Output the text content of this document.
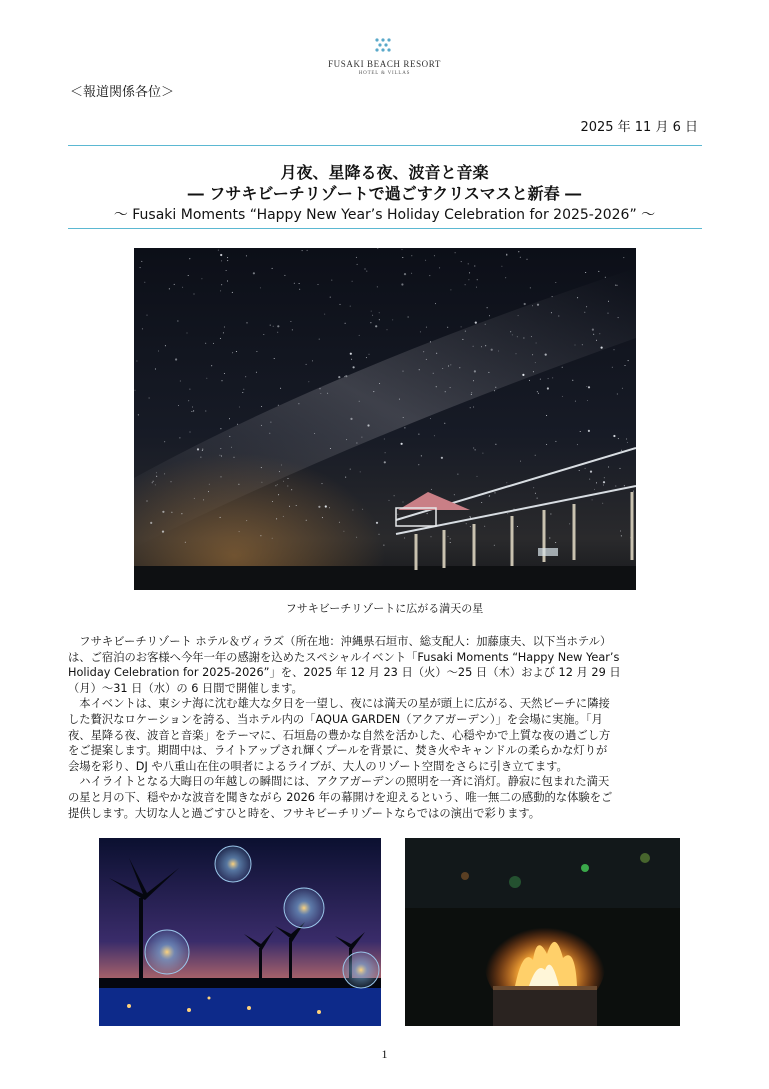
FUSAKI BEACH RESORT
HOTEL & VILLAS
＜報道関係各位＞
2025 年 11 月 6 日
月夜、星降る夜、波音と音楽
― フサキビーチリゾートで過ごすクリスマスと新春 ―
～ Fusaki Moments “Happy New Year’s Holiday Celebration for 2025-2026” ～
フサキビーチリゾートに広がる満天の星

フサキビーチリゾート ホテル＆ヴィラズ（所在地：沖縄県石垣市、総支配人：加藤康夫、以下当ホテル）

は、ご宿泊のお客様へ今年一年の感謝を込めたスペシャルイベント「Fusaki Moments “Happy New Year’s

Holiday Celebration for 2025-2026”」を、2025 年 12 月 23 日（火）～25 日（木）および 12 月 29 日

（月）～31 日（水）の 6 日間で開催します。

本イベントは、東シナ海に沈む雄大な夕日を一望し、夜には満天の星が頭上に広がる、天然ビーチに隣接

した贅沢なロケーションを誇る、当ホテル内の「AQUA GARDEN（アクアガーデン）」を会場に実施。「月

夜、星降る夜、波音と音楽」をテーマに、石垣島の豊かな自然を活かした、心穏やかで上質な夜の過ごし方

をご提案します。期間中は、ライトアップされ輝くプールを背景に、焚き火やキャンドルの柔らかな灯りが

会場を彩り、DJ や八重山在住の唄者によるライブが、大人のリゾート空間をさらに引き立てます。

ハイライトとなる大晦日の年越しの瞬間には、アクアガーデンの照明を一斉に消灯。静寂に包まれた満天

の星と月の下、穏やかな波音を聞きながら 2026 年の幕開けを迎えるという、唯一無二の感動的な体験をご

提供します。大切な人と過ごすひと時を、フサキビーチリゾートならではの演出で彩ります。

1
